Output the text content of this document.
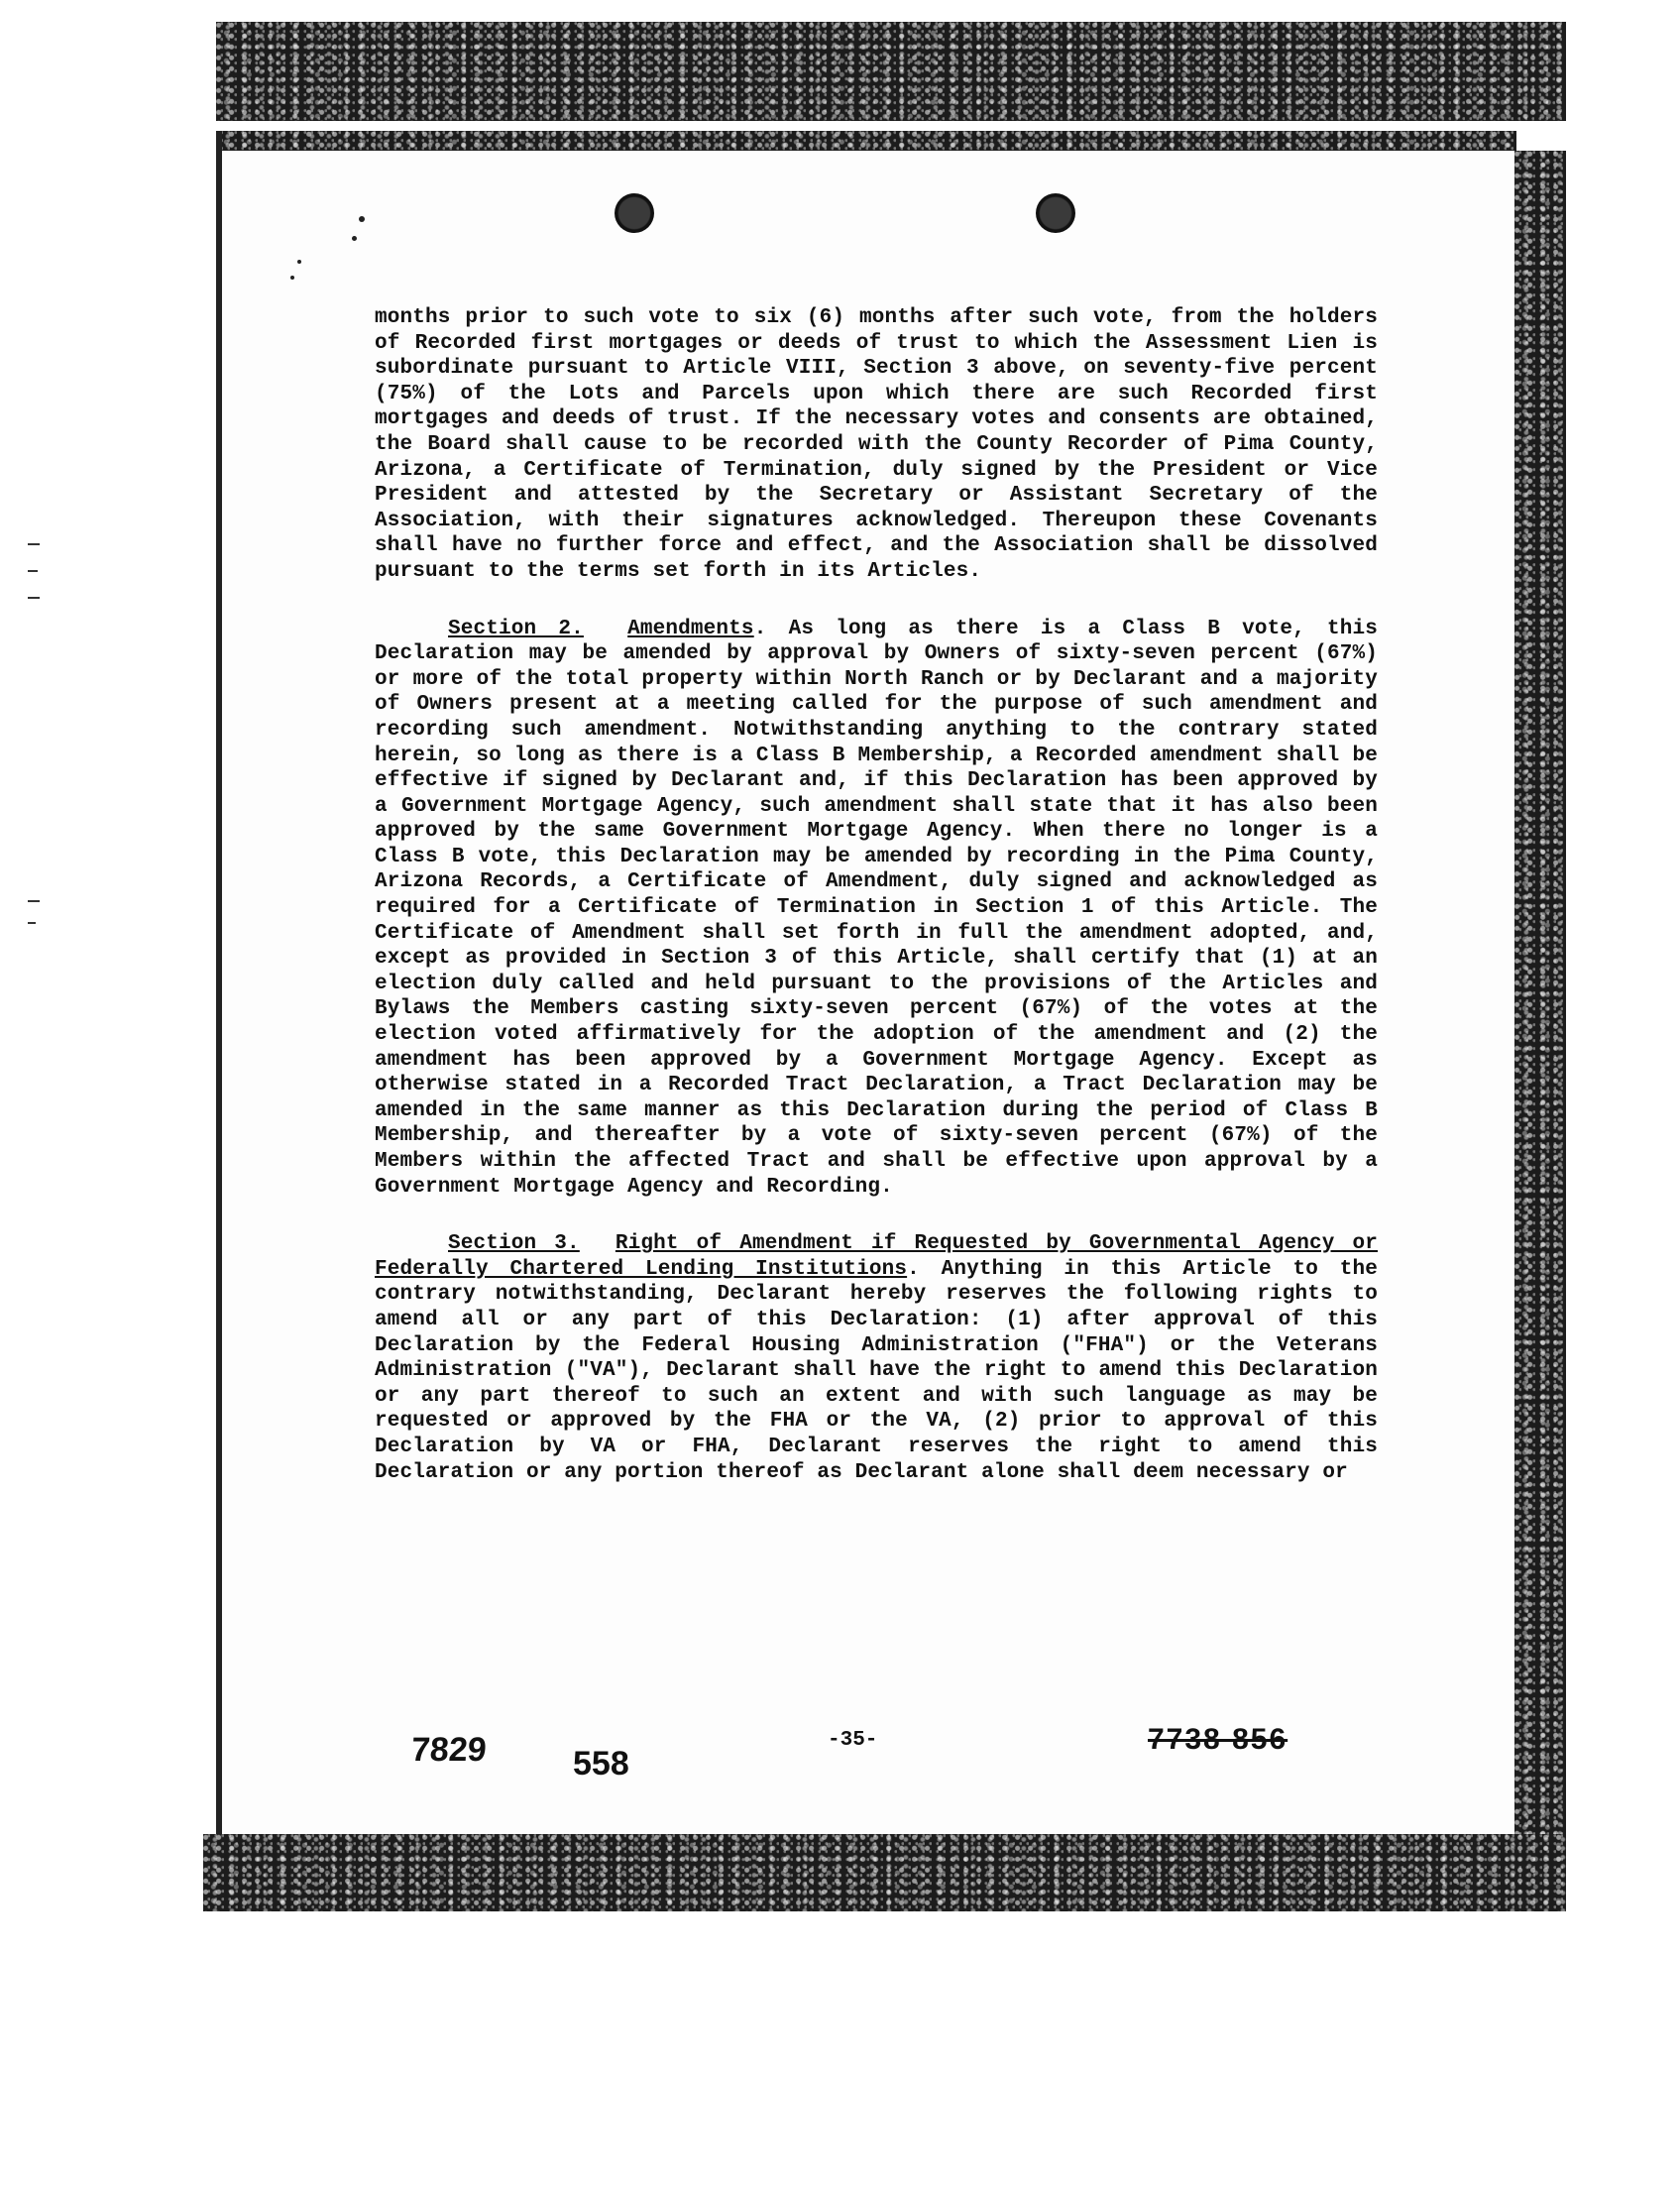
months prior to such vote to six (6) months after such vote, from the holders of Recorded first mortgages or deeds of trust to which the Assessment Lien is subordinate pursuant to Article VIII, Section 3 above, on seventy-five percent (75%) of the Lots and Parcels upon which there are such Recorded first mortgages and deeds of trust. If the necessary votes and consents are obtained, the Board shall cause to be recorded with the County Recorder of Pima County, Arizona, a Certificate of Termination, duly signed by the President or Vice President and attested by the Secretary or Assistant Secretary of the Association, with their signatures acknowledged. Thereupon these Covenants shall have no further force and effect, and the Association shall be dissolved pursuant to the terms set forth in its Articles.

Section 2. Amendments. As long as there is a Class B vote, this Declaration may be amended by approval by Owners of sixty-seven percent (67%) or more of the total property within North Ranch or by Declarant and a majority of Owners present at a meeting called for the purpose of such amendment and recording such amendment. Notwithstanding anything to the contrary stated herein, so long as there is a Class B Membership, a Recorded amendment shall be effective if signed by Declarant and, if this Declaration has been approved by a Government Mortgage Agency, such amendment shall state that it has also been approved by the same Government Mortgage Agency. When there no longer is a Class B vote, this Declaration may be amended by recording in the Pima County, Arizona Records, a Certificate of Amendment, duly signed and acknowledged as required for a Certificate of Termination in Section 1 of this Article. The Certificate of Amendment shall set forth in full the amendment adopted, and, except as provided in Section 3 of this Article, shall certify that (1) at an election duly called and held pursuant to the provisions of the Articles and Bylaws the Members casting sixty-seven percent (67%) of the votes at the election voted affirmatively for the adoption of the amendment and (2) the amendment has been approved by a Government Mortgage Agency. Except as otherwise stated in a Recorded Tract Declaration, a Tract Declaration may be amended in the same manner as this Declaration during the period of Class B Membership, and thereafter by a vote of sixty-seven percent (67%) of the Members within the affected Tract and shall be effective upon approval by a Government Mortgage Agency and Recording.

Section 3. Right of Amendment if Requested by Governmental Agency or Federally Chartered Lending Institutions. Anything in this Article to the contrary notwithstanding, Declarant hereby reserves the following rights to amend all or any part of this Declaration: (1) after approval of this Declaration by the Federal Housing Administration ("FHA") or the Veterans Administration ("VA"), Declarant shall have the right to amend this Declaration or any part thereof to such an extent and with such language as may be requested or approved by the FHA or the VA, (2) prior to approval of this Declaration by VA or FHA, Declarant reserves the right to amend this Declaration or any portion thereof as Declarant alone shall deem necessary or

7829	558
-35-	7738 856
